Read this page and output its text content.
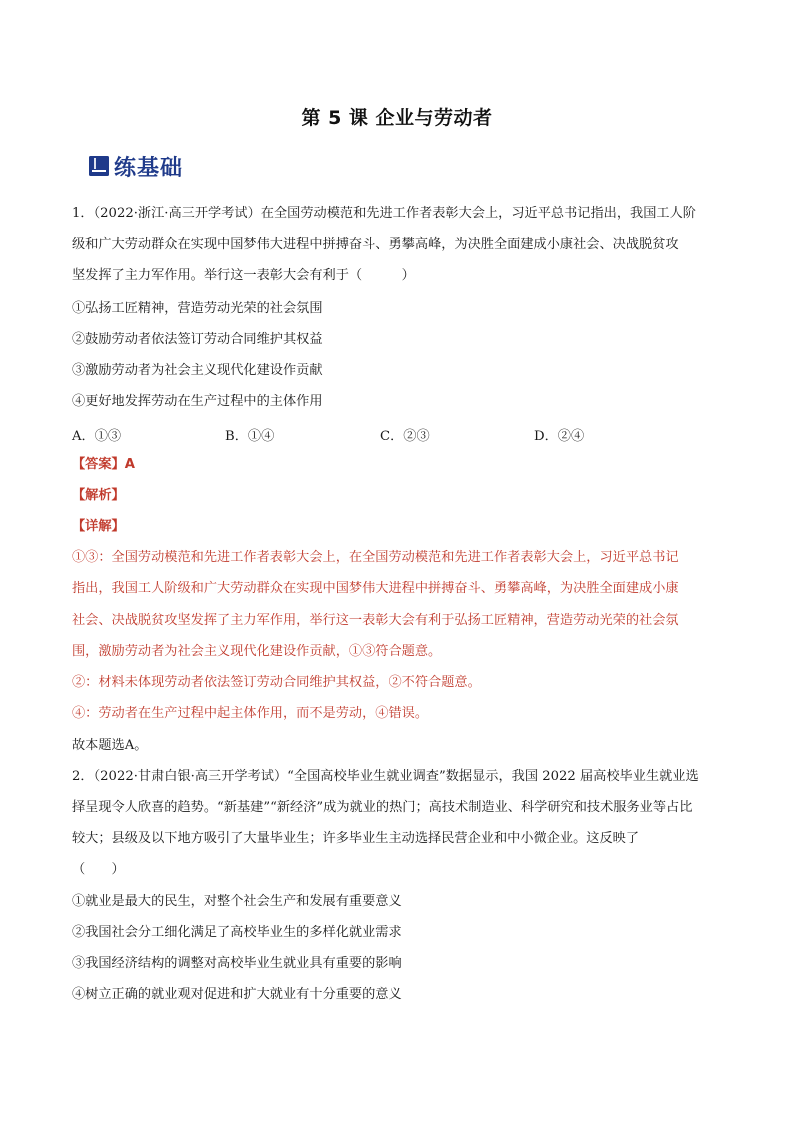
第 5 课 企业与劳动者
练基础
1．（2022·浙江·高三开学考试）在全国劳动模范和先进工作者表彰大会上，习近平总书记指出，我国工人阶
级和广大劳动群众在实现中国梦伟大进程中拼搏奋斗、勇攀高峰，为决胜全面建成小康社会、决战脱贫攻
坚发挥了主力军作用。举行这一表彰大会有利于（　　　）
①弘扬工匠精神，营造劳动光荣的社会氛围
②鼓励劳动者依法签订劳动合同维护其权益
③激励劳动者为社会主义现代化建设作贡献
④更好地发挥劳动在生产过程中的主体作用
A．①③	B．①④	C．②③	D．②④
【答案】A
【解析】
【详解】
①③：全国劳动模范和先进工作者表彰大会上，在全国劳动模范和先进工作者表彰大会上，习近平总书记
指出，我国工人阶级和广大劳动群众在实现中国梦伟大进程中拼搏奋斗、勇攀高峰，为决胜全面建成小康
社会、决战脱贫攻坚发挥了主力军作用，举行这一表彰大会有利于弘扬工匠精神，营造劳动光荣的社会氛
围，激励劳动者为社会主义现代化建设作贡献，①③符合题意。
②：材料未体现劳动者依法签订劳动合同维护其权益，②不符合题意。
④：劳动者在生产过程中起主体作用，而不是劳动，④错误。
故本题选A。
2．（2022·甘肃白银·高三开学考试）“全国高校毕业生就业调查”数据显示，我国 2022 届高校毕业生就业选
择呈现令人欣喜的趋势。“新基建”“新经济”成为就业的热门；高技术制造业、科学研究和技术服务业等占比
较大；县级及以下地方吸引了大量毕业生；许多毕业生主动选择民营企业和中小微企业。这反映了
（　　）
①就业是最大的民生，对整个社会生产和发展有重要意义
②我国社会分工细化满足了高校毕业生的多样化就业需求
③我国经济结构的调整对高校毕业生就业具有重要的影响
④树立正确的就业观对促进和扩大就业有十分重要的意义
